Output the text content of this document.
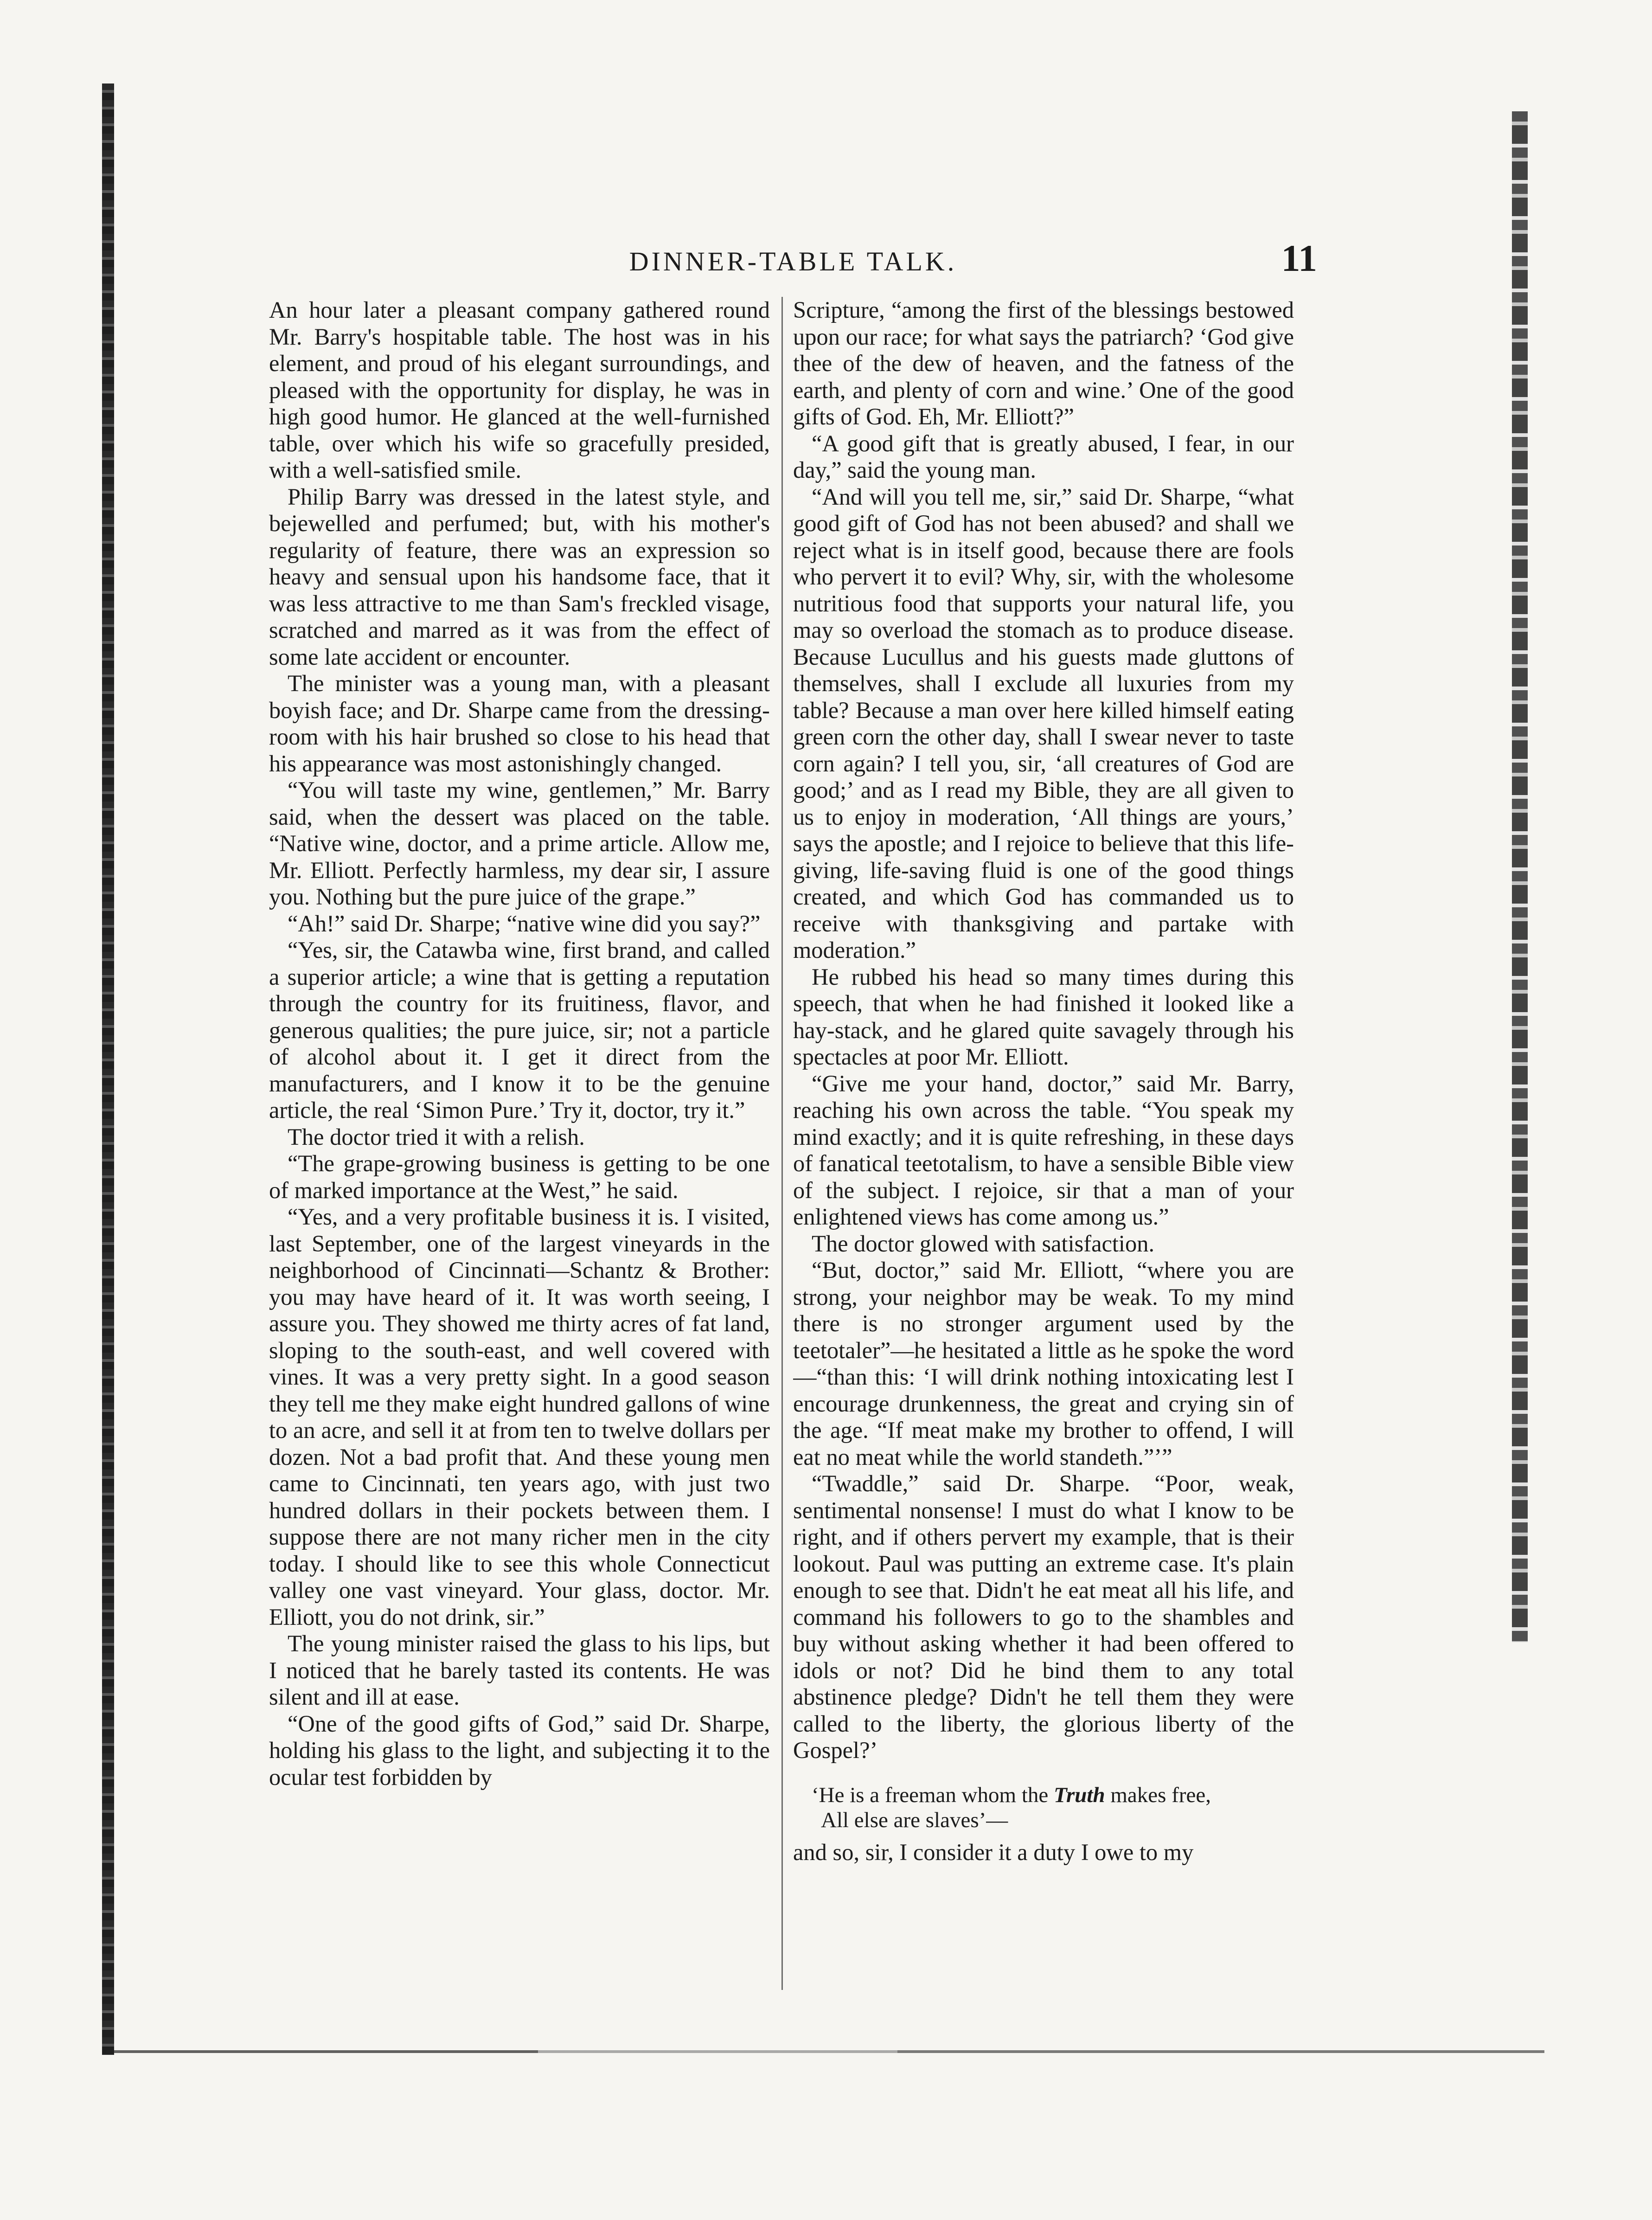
DINNER-TABLE TALK.	11

An hour later a pleasant company gathered round Mr. Barry's hospitable table. The host was in his element, and proud of his elegant surroundings, and pleased with the opportunity for display, he was in high good humor. He glanced at the well-furnished table, over which his wife so gracefully presided, with a well-satisfied smile.

Philip Barry was dressed in the latest style, and bejewelled and perfumed; but, with his mother's regularity of feature, there was an expression so heavy and sensual upon his handsome face, that it was less attractive to me than Sam's freckled visage, scratched and marred as it was from the effect of some late accident or encounter.

The minister was a young man, with a pleasant boyish face; and Dr. Sharpe came from the dressing-room with his hair brushed so close to his head that his appearance was most astonishingly changed.

“You will taste my wine, gentlemen,” Mr. Barry said, when the dessert was placed on the table. “Native wine, doctor, and a prime article. Allow me, Mr. Elliott. Perfectly harmless, my dear sir, I assure you. Nothing but the pure juice of the grape.”

“Ah!” said Dr. Sharpe; “native wine did you say?”

“Yes, sir, the Catawba wine, first brand, and called a superior article; a wine that is getting a reputation through the country for its fruitiness, flavor, and generous qualities; the pure juice, sir; not a particle of alcohol about it. I get it direct from the manufacturers, and I know it to be the genuine article, the real ‘Simon Pure.’ Try it, doctor, try it.”

The doctor tried it with a relish.

“The grape-growing business is getting to be one of marked importance at the West,” he said.

“Yes, and a very profitable business it is. I visited, last September, one of the largest vineyards in the neighborhood of Cincinnati—Schantz & Brother: you may have heard of it. It was worth seeing, I assure you. They showed me thirty acres of fat land, sloping to the south-east, and well covered with vines. It was a very pretty sight. In a good season they tell me they make eight hundred gallons of wine to an acre, and sell it at from ten to twelve dollars per dozen. Not a bad profit that. And these young men came to Cincinnati, ten years ago, with just two hundred dollars in their pockets between them. I suppose there are not many richer men in the city today. I should like to see this whole Connecticut valley one vast vineyard. Your glass, doctor. Mr. Elliott, you do not drink, sir.”

The young minister raised the glass to his lips, but I noticed that he barely tasted its contents. He was silent and ill at ease.

“One of the good gifts of God,” said Dr. Sharpe, holding his glass to the light, and subjecting it to the ocular test forbidden by

Scripture, “among the first of the blessings bestowed upon our race; for what says the patriarch? ‘God give thee of the dew of heaven, and the fatness of the earth, and plenty of corn and wine.’ One of the good gifts of God. Eh, Mr. Elliott?”

“A good gift that is greatly abused, I fear, in our day,” said the young man.

“And will you tell me, sir,” said Dr. Sharpe, “what good gift of God has not been abused? and shall we reject what is in itself good, because there are fools who pervert it to evil? Why, sir, with the wholesome nutritious food that supports your natural life, you may so overload the stomach as to produce disease. Because Lucullus and his guests made gluttons of themselves, shall I exclude all luxuries from my table? Because a man over here killed himself eating green corn the other day, shall I swear never to taste corn again? I tell you, sir, ‘all creatures of God are good;’ and as I read my Bible, they are all given to us to enjoy in moderation, ‘All things are yours,’ says the apostle; and I rejoice to believe that this life-giving, life-saving fluid is one of the good things created, and which God has commanded us to receive with thanksgiving and partake with moderation.”

He rubbed his head so many times during this speech, that when he had finished it looked like a hay-stack, and he glared quite savagely through his spectacles at poor Mr. Elliott.

“Give me your hand, doctor,” said Mr. Barry, reaching his own across the table. “You speak my mind exactly; and it is quite refreshing, in these days of fanatical teetotalism, to have a sensible Bible view of the subject. I rejoice, sir that a man of your enlightened views has come among us.”

The doctor glowed with satisfaction.

“But, doctor,” said Mr. Elliott, “where you are strong, your neighbor may be weak. To my mind there is no stronger argument used by the teetotaler”—he hesitated a little as he spoke the word—“than this: ‘I will drink nothing intoxicating lest I encourage drunkenness, the great and crying sin of the age. “If meat make my brother to offend, I will eat no meat while the world standeth.”’”

“Twaddle,” said Dr. Sharpe. “Poor, weak, sentimental nonsense! I must do what I know to be right, and if others pervert my example, that is their lookout. Paul was putting an extreme case. It's plain enough to see that. Didn't he eat meat all his life, and command his followers to go to the shambles and buy without asking whether it had been offered to idols or not? Did he bind them to any total abstinence pledge? Didn't he tell them they were called to the liberty, the glorious liberty of the Gospel?’

‘He is a freeman whom the Truth makes free,
All else are slaves’—

and so, sir, I consider it a duty I owe to my
